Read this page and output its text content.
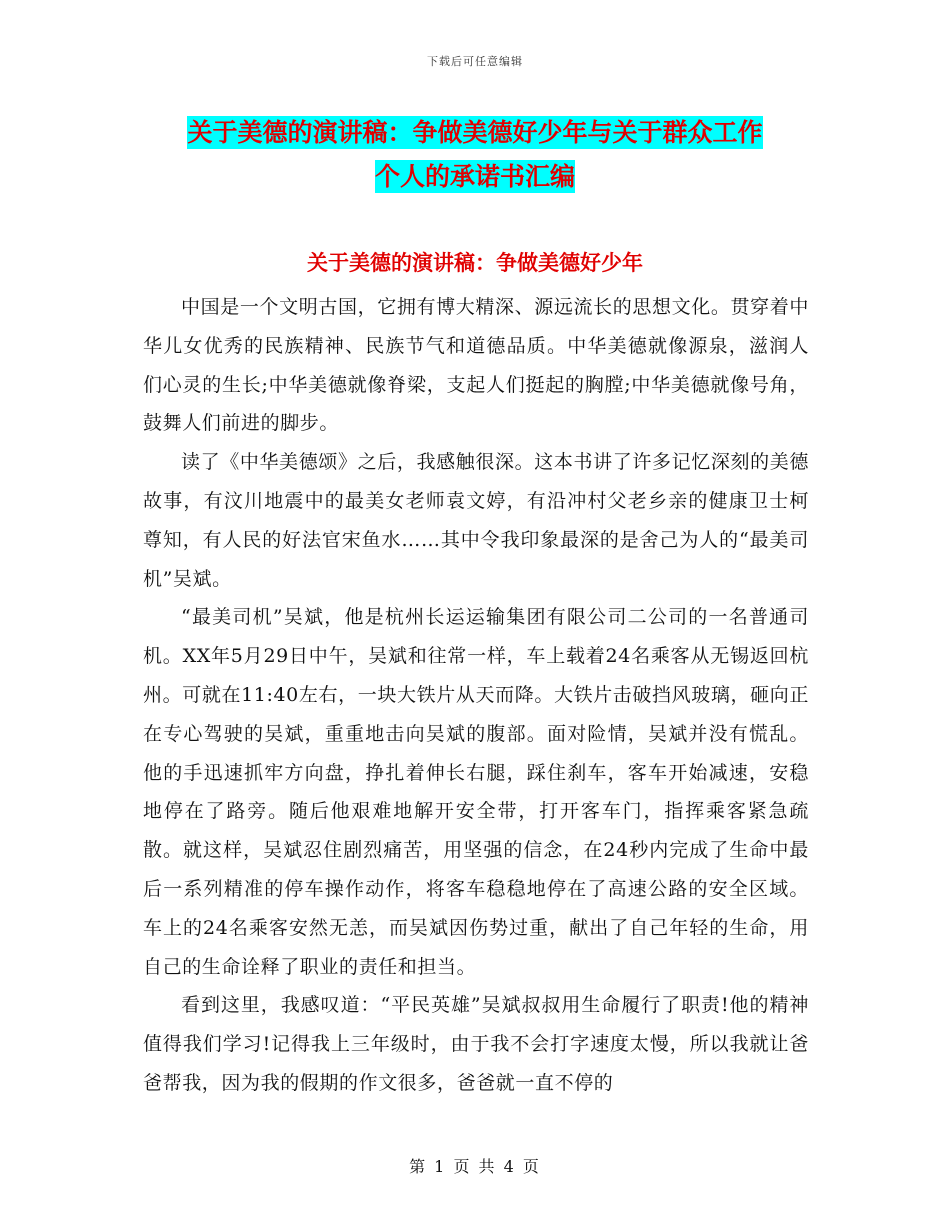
下载后可任意编辑
关于美德的演讲稿：争做美德好少年与关于群众工作
个人的承诺书汇编
关于美德的演讲稿：争做美德好少年

中国是一个文明古国，它拥有博大精深、源远流长的思想文化。贯穿着中华儿女优秀的民族精神、民族节气和道德品质。中华美德就像源泉，滋润人们心灵的生长;中华美德就像脊梁，支起人们挺起的胸膛;中华美德就像号角，鼓舞人们前进的脚步。

读了《中华美德颂》之后，我感触很深。这本书讲了许多记忆深刻的美德故事，有汶川地震中的最美女老师袁文婷，有沿冲村父老乡亲的健康卫士柯尊知，有人民的好法官宋鱼水……其中令我印象最深的是舍己为人的“最美司机”吴斌。

“最美司机”吴斌，他是杭州长运运输集团有限公司二公司的一名普通司机。XX年5月29日中午，吴斌和往常一样，车上载着24名乘客从无锡返回杭州。可就在11:40左右，一块大铁片从天而降。大铁片击破挡风玻璃，砸向正在专心驾驶的吴斌，重重地击向吴斌的腹部。面对险情，吴斌并没有慌乱。他的手迅速抓牢方向盘，挣扎着伸长右腿，踩住刹车，客车开始减速，安稳地停在了路旁。随后他艰难地解开安全带，打开客车门，指挥乘客紧急疏散。就这样，吴斌忍住剧烈痛苦，用坚强的信念，在24秒内完成了生命中最后一系列精准的停车操作动作，将客车稳稳地停在了高速公路的安全区域。车上的24名乘客安然无恙，而吴斌因伤势过重，献出了自己年轻的生命，用自己的生命诠释了职业的责任和担当。

看到这里，我感叹道：“平民英雄”吴斌叔叔用生命履行了职责!他的精神值得我们学习!记得我上三年级时，由于我不会打字速度太慢，所以我就让爸爸帮我，因为我的假期的作文很多，爸爸就一直不停的

第 1 页 共 4 页
